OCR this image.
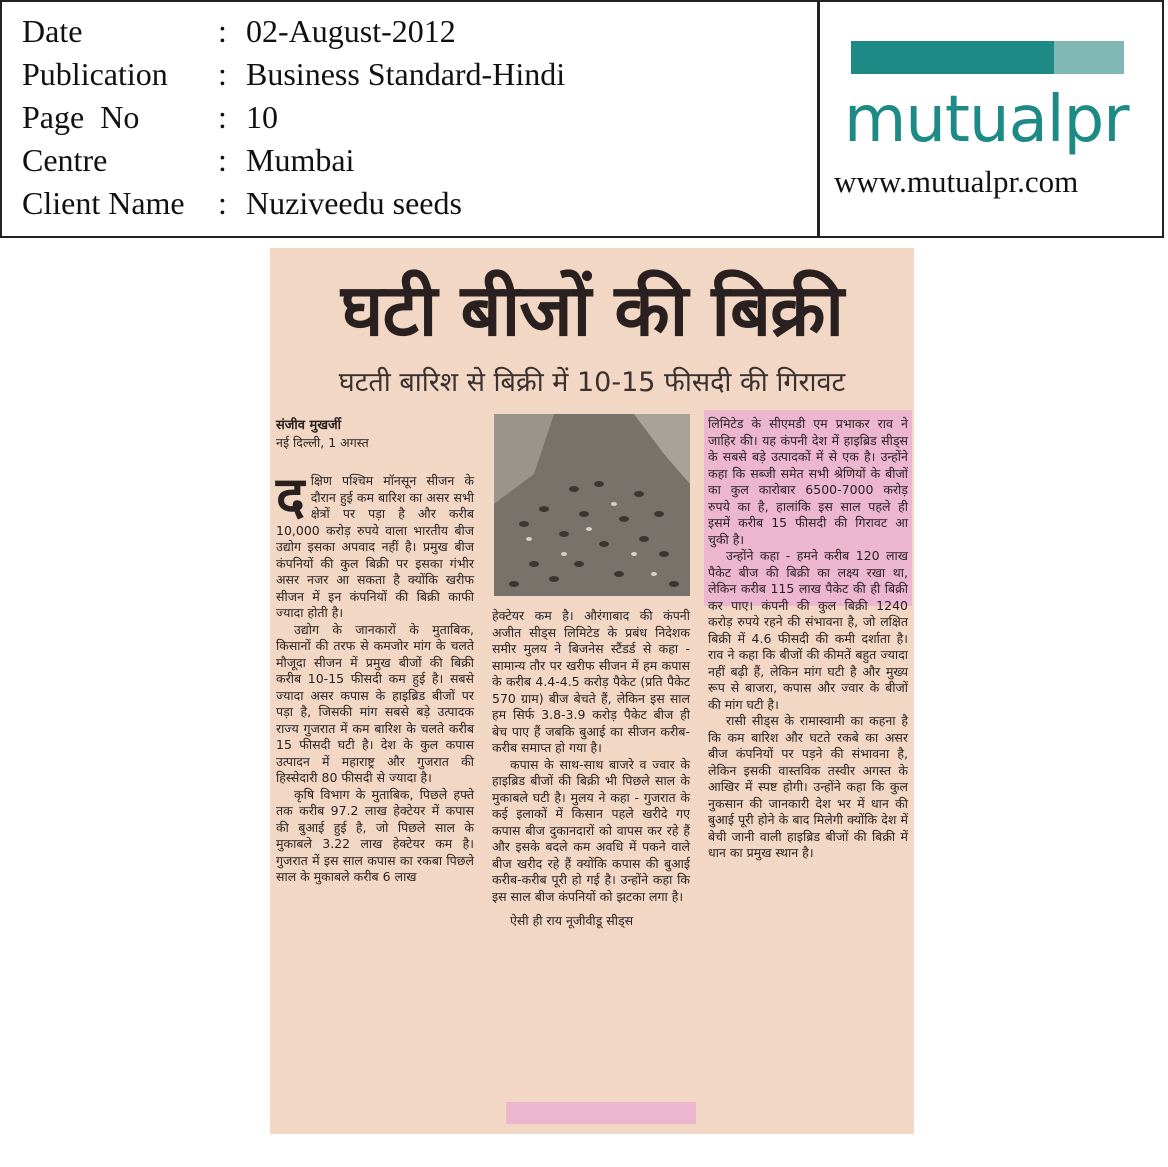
Date	: 02-August-2012
Publication	: Business Standard-Hindi
Page  No	: 10
Centre	: Mumbai
Client Name	: Nuziveedu seeds
mutualpr
www.mutualpr.com
घटी बीजों की बिक्री
घटती बारिश से बिक्री में 10-15 फीसदी की गिरावट
संजीव मुखर्जी
नई दिल्ली, 1 अगस्त

दक्षिण पश्चिम मॉनसून सीजन के दौरान हुई कम बारिश का असर सभी क्षेत्रों पर पड़ा है और करीब 10,000 करोड़ रुपये वाला भारतीय बीज उद्योग इसका अपवाद नहीं है। प्रमुख बीज कंपनियों की कुल बिक्री पर इसका गंभीर असर नजर आ सकता है क्योंकि खरीफ सीजन में इन कंपनियों की बिक्री काफी ज्यादा होती है।

उद्योग के जानकारों के मुताबिक, किसानों की तरफ से कमजोर मांग के चलते मौजूदा सीजन में प्रमुख बीजों की बिक्री करीब 10-15 फीसदी कम हुई है। सबसे ज्यादा असर कपास के हाइब्रिड बीजों पर पड़ा है, जिसकी मांग सबसे बड़े उत्पादक राज्य गुजरात में कम बारिश के चलते करीब 15 फीसदी घटी है। देश के कुल कपास उत्पादन में महाराष्ट्र और गुजरात की हिस्सेदारी 80 फीसदी से ज्यादा है।

कृषि विभाग के मुताबिक, पिछले हफ्ते तक करीब 97.2 लाख हेक्टेयर में कपास की बुआई हुई है, जो पिछले साल के मुकाबले 3.22 लाख हेक्टेयर कम है। गुजरात में इस साल कपास का रकबा पिछले साल के मुकाबले करीब 6 लाख

हेक्टेयर कम है। औरंगाबाद की कंपनी अजीत सीड्स लिमिटेड के प्रबंध निदेशक समीर मुलय ने बिजनेस स्टैंडर्ड से कहा - सामान्य तौर पर खरीफ सीजन में हम कपास के करीब 4.4-4.5 करोड़ पैकेट (प्रति पैकेट 570 ग्राम) बीज बेचते हैं, लेकिन इस साल हम सिर्फ 3.8-3.9 करोड़ पैकेट बीज ही बेच पाए हैं जबकि बुआई का सीजन करीब-करीब समाप्त हो गया है।

कपास के साथ-साथ बाजरे व ज्वार के हाइब्रिड बीजों की बिक्री भी पिछले साल के मुकाबले घटी है। मुलय ने कहा - गुजरात के कई इलाकों में किसान पहले खरीदे गए कपास बीज दुकानदारों को वापस कर रहे हैं और इसके बदले कम अवधि में पकने वाले बीज खरीद रहे हैं क्योंकि कपास की बुआई करीब-करीब पूरी हो गई है। उन्होंने कहा कि इस साल बीज कंपनियों को झटका लगा है।

ऐसी ही राय नूजीवीडू सीड्स

लिमिटेड के सीएमडी एम प्रभाकर राव ने जाहिर की। यह कंपनी देश में हाइब्रिड सीड्स के सबसे बड़े उत्पादकों में से एक है। उन्होंने कहा कि सब्जी समेत सभी श्रेणियों के बीजों का कुल कारोबार 6500-7000 करोड़ रुपये का है, हालांकि इस साल पहले ही इसमें करीब 15 फीसदी की गिरावट आ चुकी है।

उन्होंने कहा - हमने करीब 120 लाख पैकेट बीज की बिक्री का लक्ष्य रखा था, लेकिन करीब 115 लाख पैकेट की ही बिक्री कर पाए। कंपनी की कुल बिक्री 1240 करोड़ रुपये रहने की संभावना है, जो लक्षित बिक्री में 4.6 फीसदी की कमी दर्शाता है। राव ने कहा कि बीजों की कीमतें बहुत ज्यादा नहीं बढ़ी हैं, लेकिन मांग घटी है और मुख्य रूप से बाजरा, कपास और ज्वार के बीजों की मांग घटी है।

रासी सीड्स के रामास्वामी का कहना है कि कम बारिश और घटते रकबे का असर बीज कंपनियों पर पड़ने की संभावना है, लेकिन इसकी वास्तविक तस्वीर अगस्त के आखिर में स्पष्ट होगी। उन्होंने कहा कि कुल नुकसान की जानकारी देश भर में धान की बुआई पूरी होने के बाद मिलेगी क्योंकि देश में बेची जानी वाली हाइब्रिड बीजों की बिक्री में धान का प्रमुख स्थान है।
